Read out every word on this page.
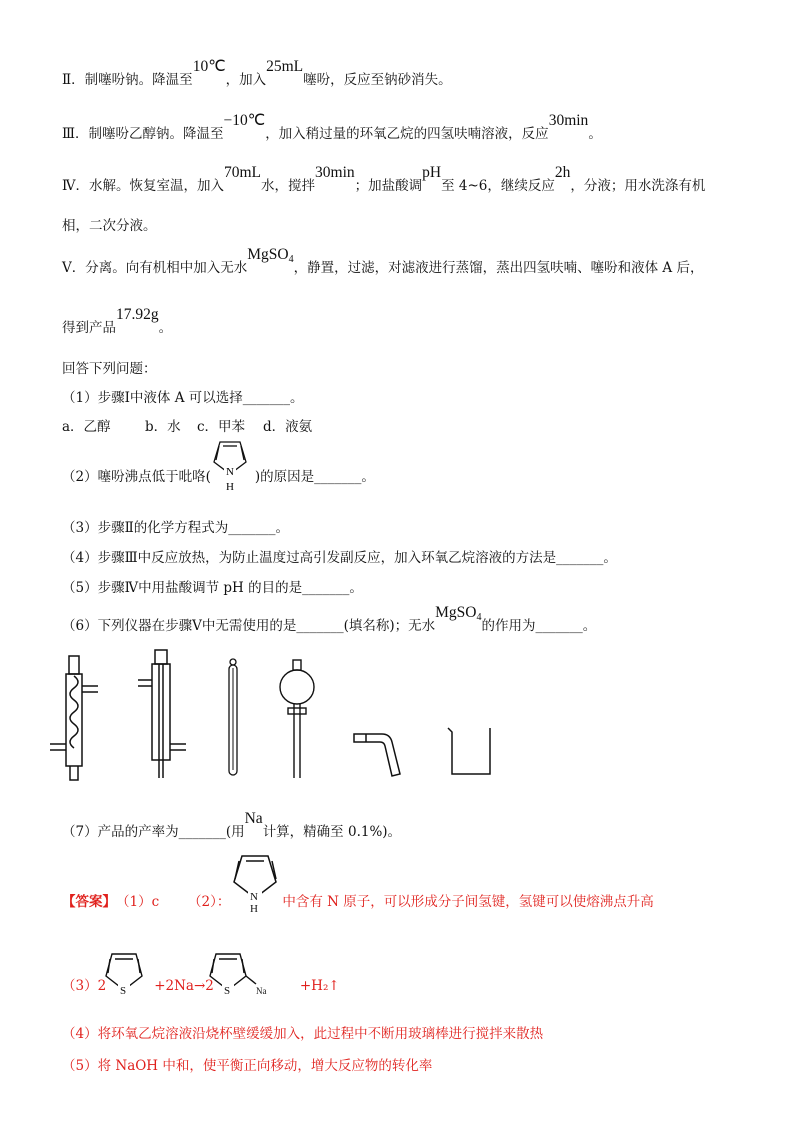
Ⅱ．制噻吩钠。降温至10℃，加入25mL噻吩，反应至钠砂消失。
Ⅲ．制噻吩乙醇钠。降温至−10℃，加入稍过量的环氧乙烷的四氢呋喃溶液，反应30min。
Ⅳ．水解。恢复室温，加入70mL水，搅拌30min；加盐酸调pH至 4~6，继续反应2h，分液；用水洗涤有机
相，二次分液。
Ⅴ．分离。向有机相中加入无水MgSO$_4$，静置，过滤，对滤液进行蒸馏，蒸出四氢呋喃、噻吩和液体 A 后，
得到产品17.92g。
回答下列问题：
（1）步骤Ⅰ中液体 A 可以选择_______。
a．乙醇	b．水 c．甲苯 d．液氨
（2）噻吩沸点低于吡咯(	)的原因是_______。
N
H
（3）步骤Ⅱ的化学方程式为_______。
（4）步骤Ⅲ中反应放热，为防止温度过高引发副反应，加入环氧乙烷溶液的方法是_______。
（5）步骤Ⅳ中用盐酸调节 pH 的目的是_______。
（6）下列仪器在步骤Ⅴ中无需使用的是_______(填名称)；无水MgSO$_4$的作用为_______。
（7）产品的产率为_______(用Na计算，精确至 0.1%)。
【答案】（1）c （2）：	中含有 N 原子，可以形成分子间氢键，氢键可以使熔沸点升高
N
H
（3）2	+2Na→2	+H₂↑
S	S	Na
（4）将环氧乙烷溶液沿烧杯壁缓缓加入，此过程中不断用玻璃棒进行搅拌来散热
（5）将 NaOH 中和，使平衡正向移动，增大反应物的转化率
